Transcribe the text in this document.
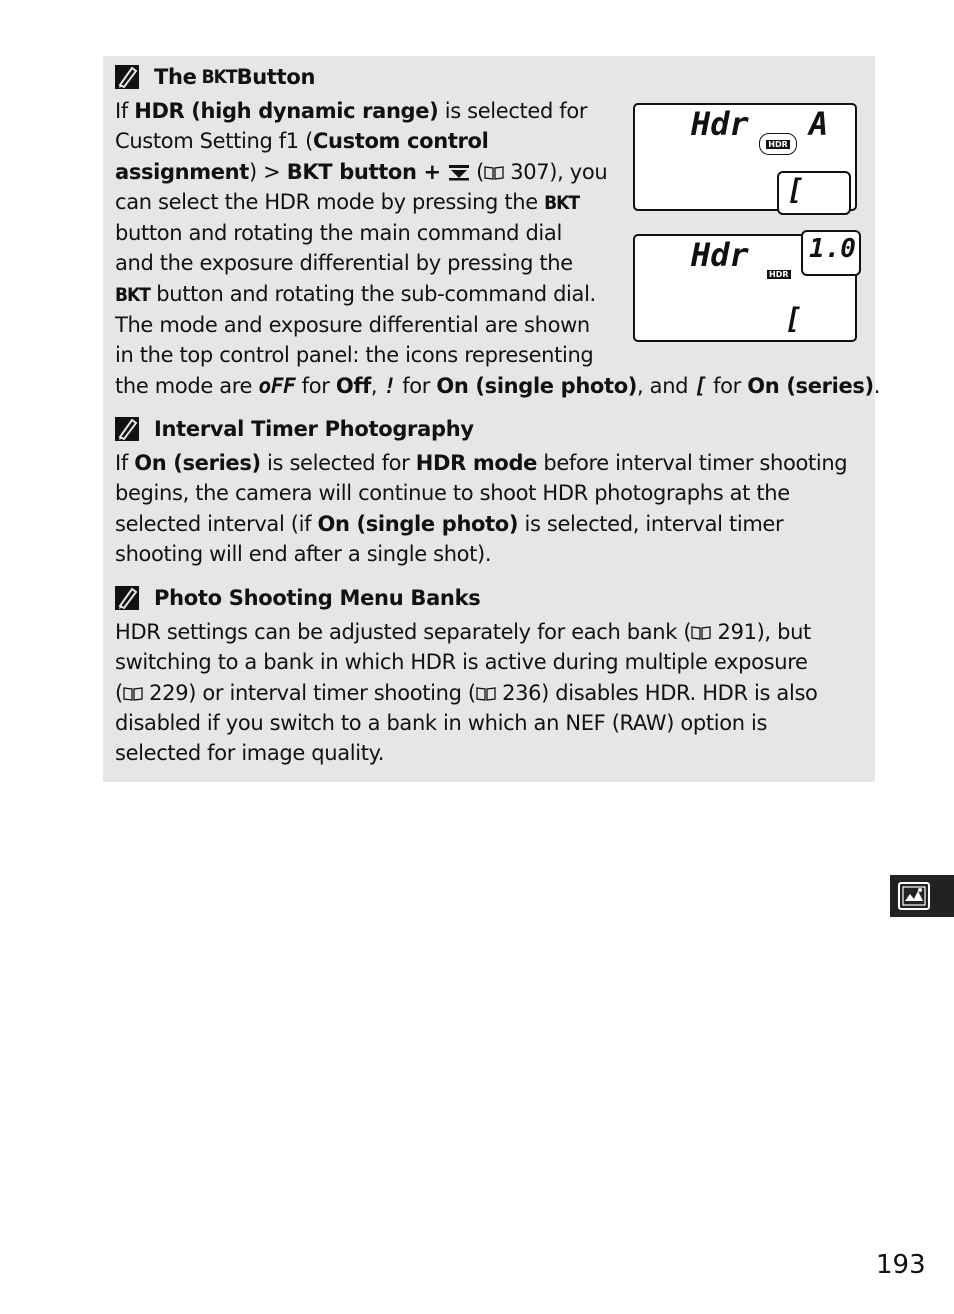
The BKT Button
If HDR (high dynamic range) is selected for
Custom Setting f1 (Custom control
assignment) > BKT button +  ( 307), you
can select the HDR mode by pressing the BKT
button and rotating the main command dial
and the exposure differential by pressing the
BKT button and rotating the sub-command dial.
The mode and exposure differential are shown
in the top control panel: the icons representing
the mode are oFF for Off, ! for On (single photo), and [ for On (series).
Hdr A
HDR
[
Hdr 1.0
HDR
[
Interval Timer Photography
If On (series) is selected for HDR mode before interval timer shooting
begins, the camera will continue to shoot HDR photographs at the
selected interval (if On (single photo) is selected, interval timer
shooting will end after a single shot).
Photo Shooting Menu Banks
HDR settings can be adjusted separately for each bank ( 291), but
switching to a bank in which HDR is active during multiple exposure
( 229) or interval timer shooting ( 236) disables HDR. HDR is also
disabled if you switch to a bank in which an NEF (RAW) option is
selected for image quality.
193
